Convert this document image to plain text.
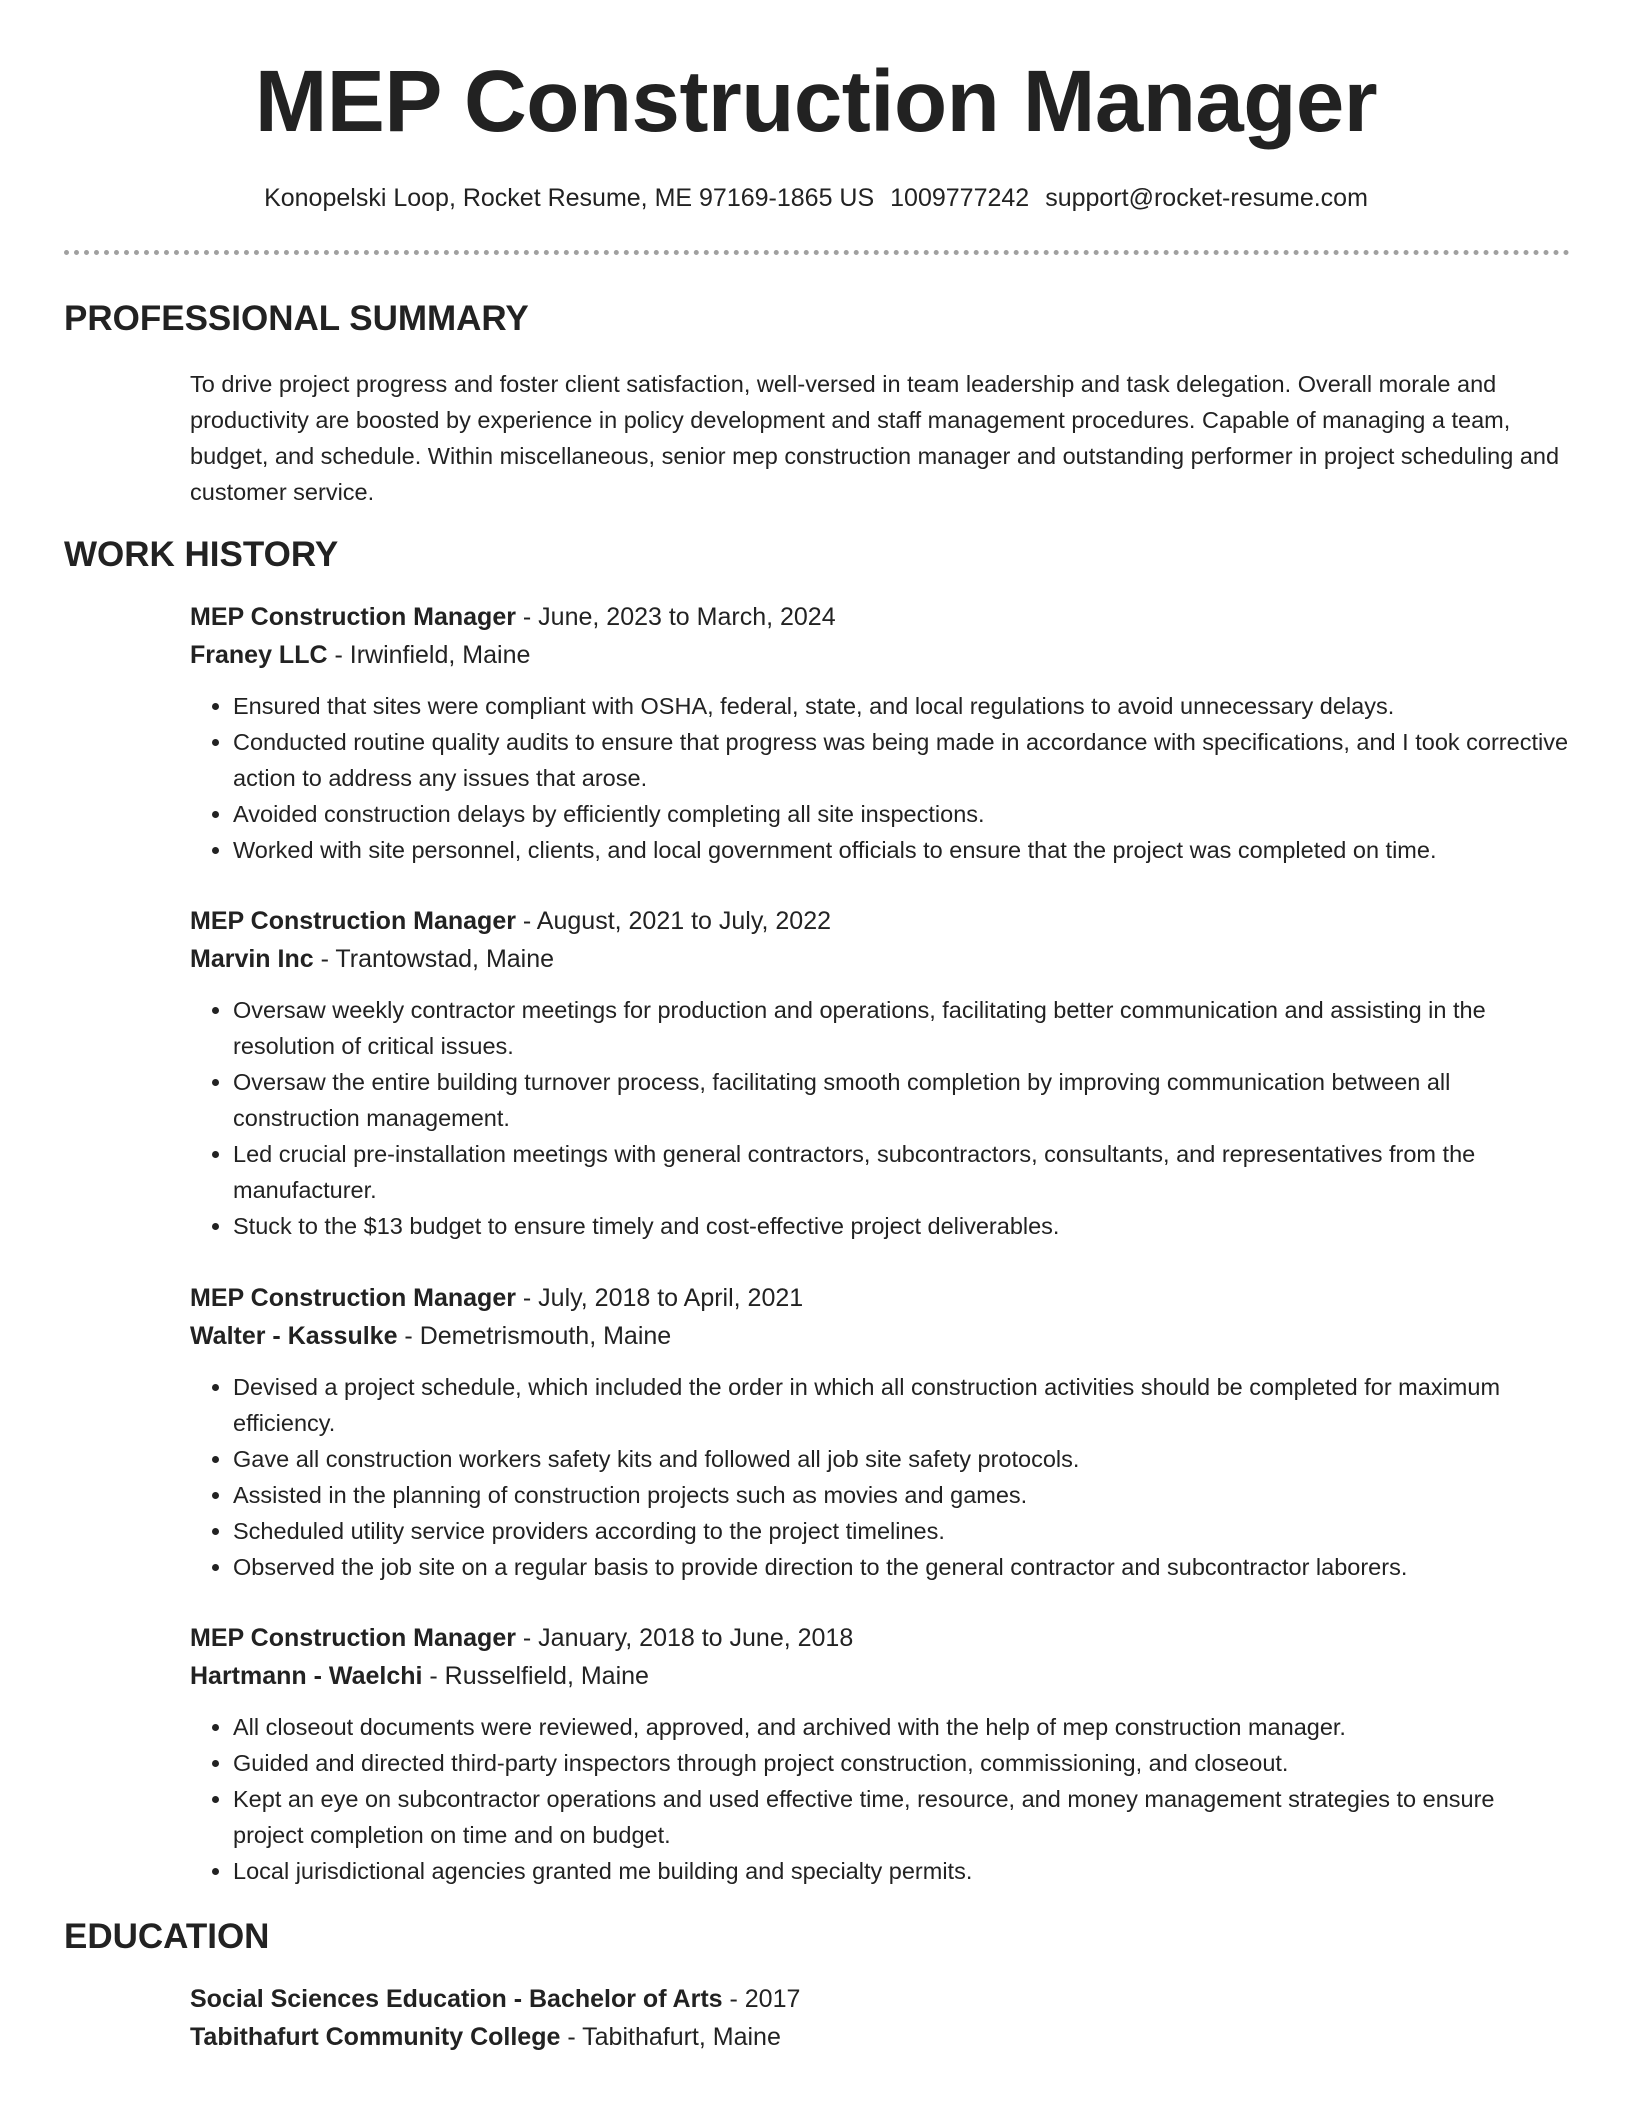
MEP Construction Manager
Konopelski Loop, Rocket Resume, ME 97169-1865 US 1009777242 support@rocket-resume.com
PROFESSIONAL SUMMARY
To drive project progress and foster client satisfaction, well-versed in team leadership and task delegation. Overall morale and productivity are boosted by experience in policy development and staff management procedures. Capable of managing a team, budget, and schedule. Within miscellaneous, senior mep construction manager and outstanding performer in project scheduling and customer service.
WORK HISTORY
MEP Construction Manager - June, 2023 to March, 2024
Franey LLC - Irwinfield, Maine
• Ensured that sites were compliant with OSHA, federal, state, and local regulations to avoid unnecessary delays.
• Conducted routine quality audits to ensure that progress was being made in accordance with specifications, and I took corrective action to address any issues that arose.
• Avoided construction delays by efficiently completing all site inspections.
• Worked with site personnel, clients, and local government officials to ensure that the project was completed on time.
MEP Construction Manager - August, 2021 to July, 2022
Marvin Inc - Trantowstad, Maine
• Oversaw weekly contractor meetings for production and operations, facilitating better communication and assisting in the resolution of critical issues.
• Oversaw the entire building turnover process, facilitating smooth completion by improving communication between all construction management.
• Led crucial pre-installation meetings with general contractors, subcontractors, consultants, and representatives from the manufacturer.
• Stuck to the $13 budget to ensure timely and cost-effective project deliverables.
MEP Construction Manager - July, 2018 to April, 2021
Walter - Kassulke - Demetrismouth, Maine
• Devised a project schedule, which included the order in which all construction activities should be completed for maximum efficiency.
• Gave all construction workers safety kits and followed all job site safety protocols.
• Assisted in the planning of construction projects such as movies and games.
• Scheduled utility service providers according to the project timelines.
• Observed the job site on a regular basis to provide direction to the general contractor and subcontractor laborers.
MEP Construction Manager - January, 2018 to June, 2018
Hartmann - Waelchi - Russelfield, Maine
• All closeout documents were reviewed, approved, and archived with the help of mep construction manager.
• Guided and directed third-party inspectors through project construction, commissioning, and closeout.
• Kept an eye on subcontractor operations and used effective time, resource, and money management strategies to ensure project completion on time and on budget.
• Local jurisdictional agencies granted me building and specialty permits.
EDUCATION
Social Sciences Education - Bachelor of Arts - 2017
Tabithafurt Community College - Tabithafurt, Maine
